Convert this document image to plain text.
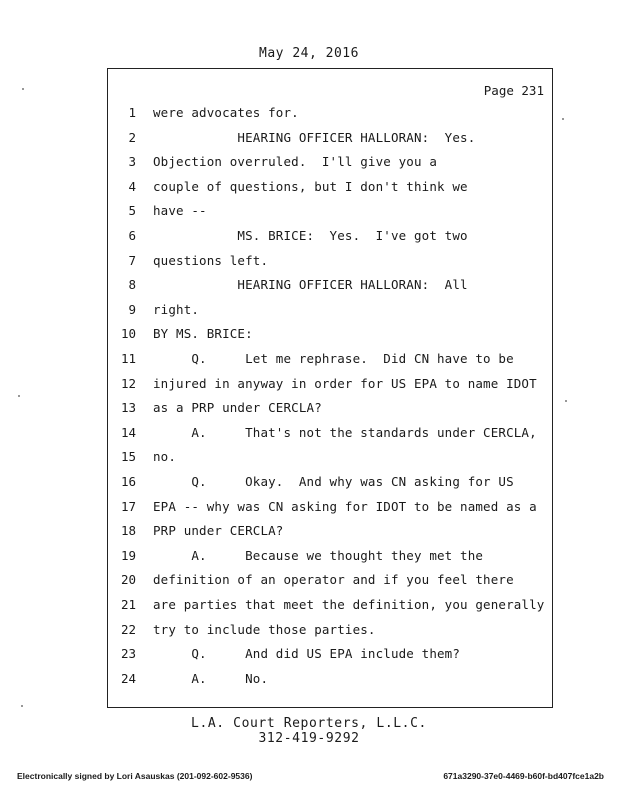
May 24, 2016
Page 231
1 were advocates for.
2 HEARING OFFICER HALLORAN:  Yes.
3 Objection overruled.  I'll give you a
4 couple of questions, but I don't think we
5 have --
6 MS. BRICE:  Yes.  I've got two
7 questions left.
8 HEARING OFFICER HALLORAN:  All
9 right.
10 BY MS. BRICE:
11 Q.     Let me rephrase.  Did CN have to be
12 injured in anyway in order for US EPA to name IDOT
13 as a PRP under CERCLA?
14 A.     That's not the standards under CERCLA,
15 no.
16 Q.     Okay.  And why was CN asking for US
17 EPA -- why was CN asking for IDOT to be named as a
18 PRP under CERCLA?
19 A.     Because we thought they met the
20 definition of an operator and if you feel there
21 are parties that meet the definition, you generally
22 try to include those parties.
23 Q.     And did US EPA include them?
24 A.     No.
L.A. Court Reporters, L.L.C.
312-419-9292
Electronically signed by Lori Asauskas (201-092-602-9536)	671a3290-37e0-4469-b60f-bd407fce1a2b
